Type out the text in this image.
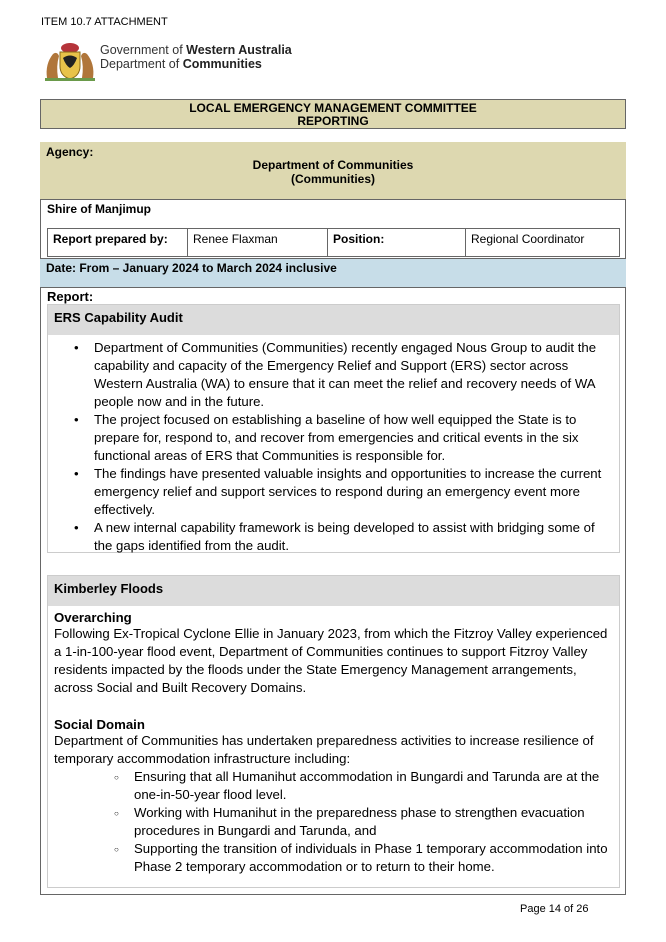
ITEM 10.7 ATTACHMENT
Government of Western Australia
Department of Communities
LOCAL EMERGENCY MANAGEMENT COMMITTEE
REPORTING
Agency:
Department of Communities
(Communities)
Shire of Manjimup
Report prepared by:	Renee Flaxman	Position:	Regional Coordinator
Date: From – January 2024 to March 2024 inclusive
Report:
ERS Capability Audit
• Department of Communities (Communities) recently engaged Nous Group to audit the capability and capacity of the Emergency Relief and Support (ERS) sector across Western Australia (WA) to ensure that it can meet the relief and recovery needs of WA people now and in the future.
• The project focused on establishing a baseline of how well equipped the State is to prepare for, respond to, and recover from emergencies and critical events in the six functional areas of ERS that Communities is responsible for.
• The findings have presented valuable insights and opportunities to increase the current emergency relief and support services to respond during an emergency event more effectively.
• A new internal capability framework is being developed to assist with bridging some of the gaps identified from the audit.
Kimberley Floods
Overarching
Following Ex-Tropical Cyclone Ellie in January 2023, from which the Fitzroy Valley experienced a 1-in-100-year flood event, Department of Communities continues to support Fitzroy Valley residents impacted by the floods under the State Emergency Management arrangements, across Social and Built Recovery Domains.
Social Domain
Department of Communities has undertaken preparedness activities to increase resilience of temporary accommodation infrastructure including:
○ Ensuring that all Humanihut accommodation in Bungardi and Tarunda are at the one-in-50-year flood level.
○ Working with Humanihut in the preparedness phase to strengthen evacuation procedures in Bungardi and Tarunda, and
○ Supporting the transition of individuals in Phase 1 temporary accommodation into Phase 2 temporary accommodation or to return to their home.
Page 14 of 26
